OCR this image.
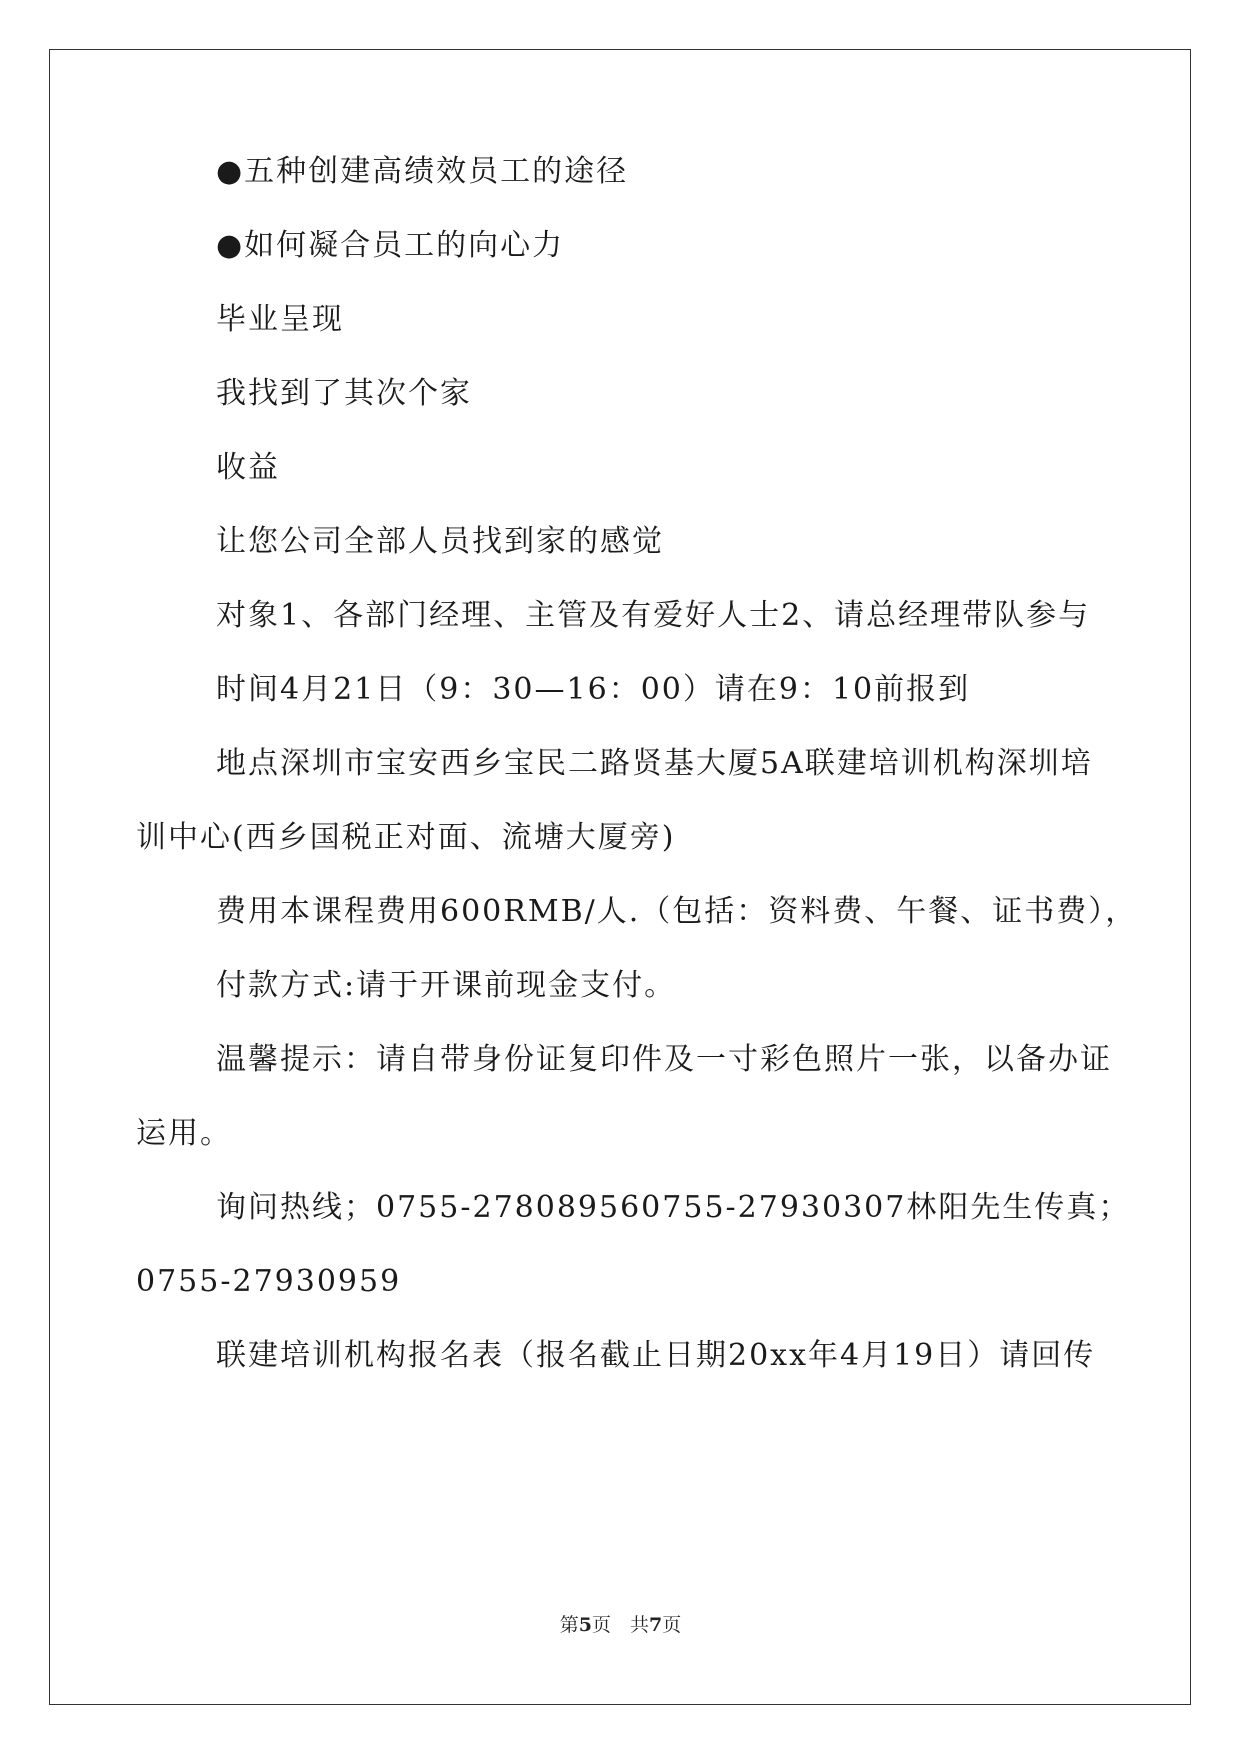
●五种创建高绩效员工的途径
●如何凝合员工的向心力
毕业呈现
我找到了其次个家
收益
让您公司全部人员找到家的感觉
对象1、各部门经理、主管及有爱好人士2、请总经理带队参与
时间4月21日（9：30—16：00）请在9：10前报到
地点深圳市宝安西乡宝民二路贤基大厦5A联建培训机构深圳培
训中心(西乡国税正对面、流塘大厦旁)
费用本课程费用600RMB/人.（包括：资料费、午餐、证书费），
付款方式:请于开课前现金支付。
温馨提示：请自带身份证复印件及一寸彩色照片一张，以备办证
运用。
询问热线；0755-278089560755-27930307林阳先生传真；
0755-27930959
联建培训机构报名表（报名截止日期20xx年4月19日）请回传
第5页　共7页
